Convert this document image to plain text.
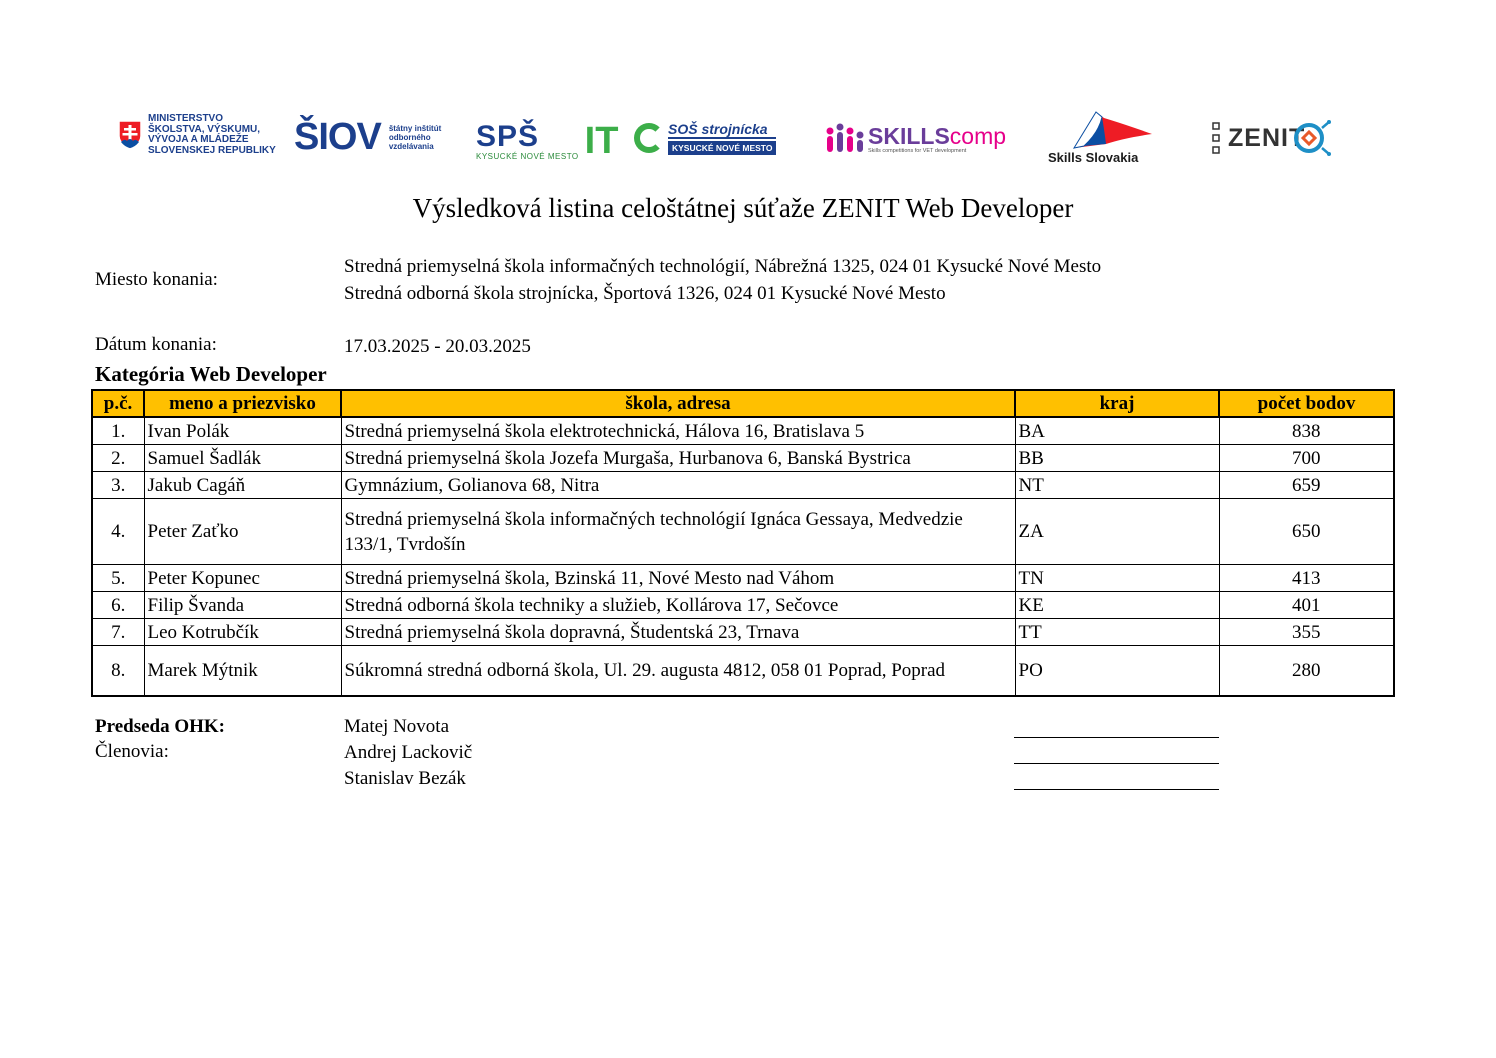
MINISTERSTVO
ŠKOLSTVA, VÝSKUMU,
VÝVOJA A MLÁDEŽE
SLOVENSKEJ REPUBLIKY ŠIOV štátny inštitút
odborného
vzdelávania SPŠ
KYSUCKÉ NOVÉ MESTO IT	SOŠ strojnícka
KYSUCKÉ NOVÉ MESTO	SKILLScomp
Skills competitions for VET development	Skills Slovakia
ZENIT
Výsledková listina celoštátnej súťaže ZENIT Web Developer
Miesto konania:
Stredná priemyselná škola informačných technológií, Nábrežná 1325, 024 01 Kysucké Nové Mesto
Stredná odborná škola strojnícka, Športová 1326, 024 01 Kysucké Nové Mesto
Dátum konania:	17.03.2025 - 20.03.2025
Kategória Web Developer
p.č.	meno a priezvisko	škola, adresa	kraj	počet bodov
1.	Ivan Polák	Stredná priemyselná škola elektrotechnická, Hálova 16, Bratislava 5	BA	838
2.	Samuel Šadlák	Stredná priemyselná škola Jozefa Murgaša, Hurbanova 6, Banská Bystrica	BB	700
3.	Jakub Cagáň	Gymnázium, Golianova 68, Nitra	NT	659
4.	Peter Zaťko	Stredná priemyselná škola informačných technológií Ignáca Gessaya, Medvedzie 133/1, Tvrdošín	ZA	650
5.	Peter Kopunec	Stredná priemyselná škola, Bzinská 11, Nové Mesto nad Váhom	TN	413
6.	Filip Švanda	Stredná odborná škola techniky a služieb, Kollárova 17, Sečovce	KE	401
7.	Leo Kotrubčík	Stredná priemyselná škola dopravná, Študentská 23, Trnava	TT	355
8.	Marek Mýtnik	Súkromná stredná odborná škola, Ul. 29. augusta 4812, 058 01 Poprad, Poprad	PO	280
Predseda OHK:
Členovia:
Matej Novota
Andrej Lackovič
Stanislav Bezák
